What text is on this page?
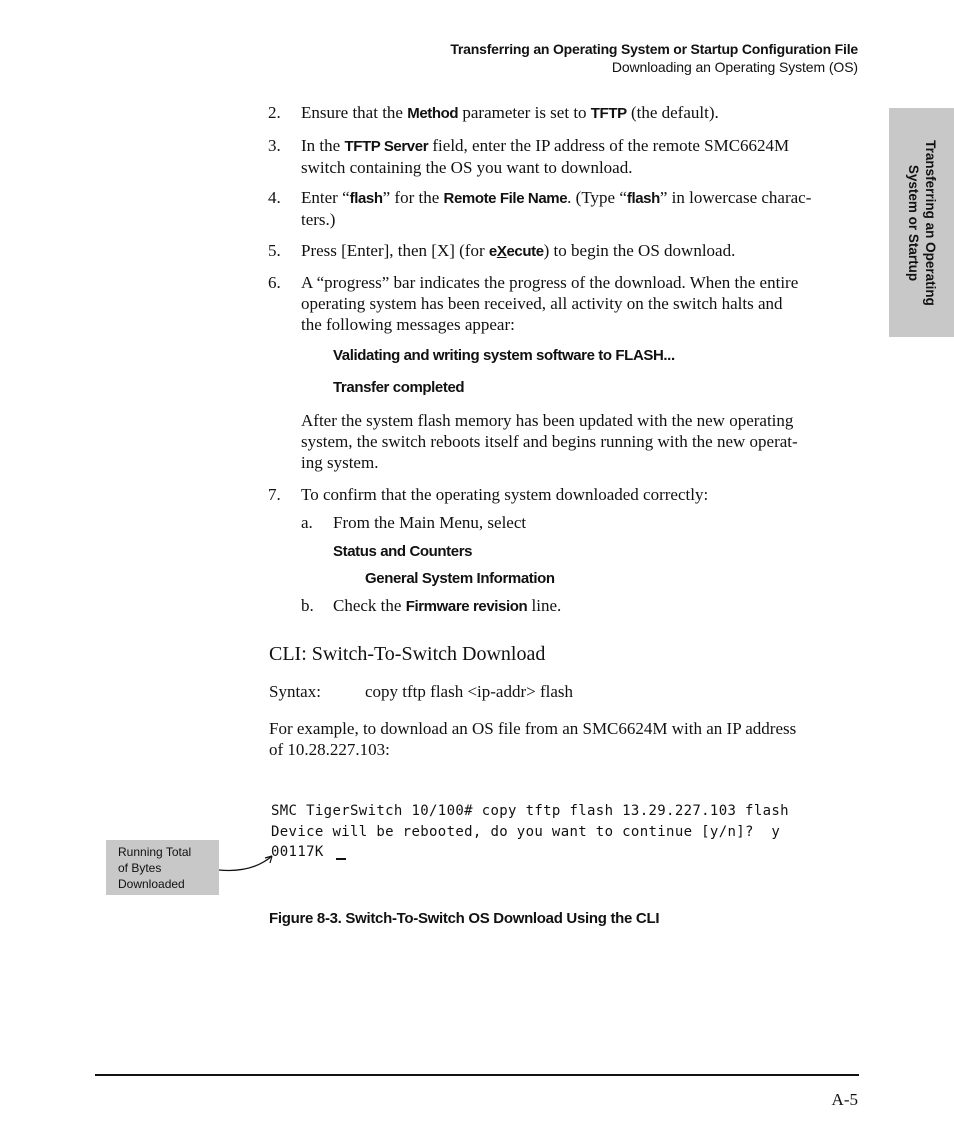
Transferring an Operating System or Startup Configuration File
Downloading an Operating System (OS)
Transferring an Operating
System or Startup
2.	Ensure that the Method parameter is set to TFTP (the default).
3.	In the TFTP Server field, enter the IP address of the remote SMC6624M
switch containing the OS you want to download.
4.	Enter “flash” for the Remote File Name. (Type “flash” in lowercase charac-
ters.)
5.	Press [Enter], then [X] (for eXecute) to begin the OS download.
6.	A “progress” bar indicates the progress of the download. When the entire
operating system has been received, all activity on the switch halts and
the following messages appear:
Validating and writing system software to FLASH...
Transfer completed
After the system flash memory has been updated with the new operating
system, the switch reboots itself and begins running with the new operat-
ing system.
7.	To confirm that the operating system downloaded correctly:
a. From the Main Menu, select
Status and Counters
General System Information
b. Check the Firmware revision line.
CLI: Switch-To-Switch Download
Syntax:	copy tftp flash <ip-addr> flash
For example, to download an OS file from an SMC6624M with an IP address
of 10.28.227.103:
SMC TigerSwitch 10/100# copy tftp flash 13.29.227.103 flash
Device will be rebooted, do you want to continue [y/n]?  y
00117K
Running Total
of Bytes
Downloaded
Figure 8-3. Switch-To-Switch OS Download Using the CLI
A-5
